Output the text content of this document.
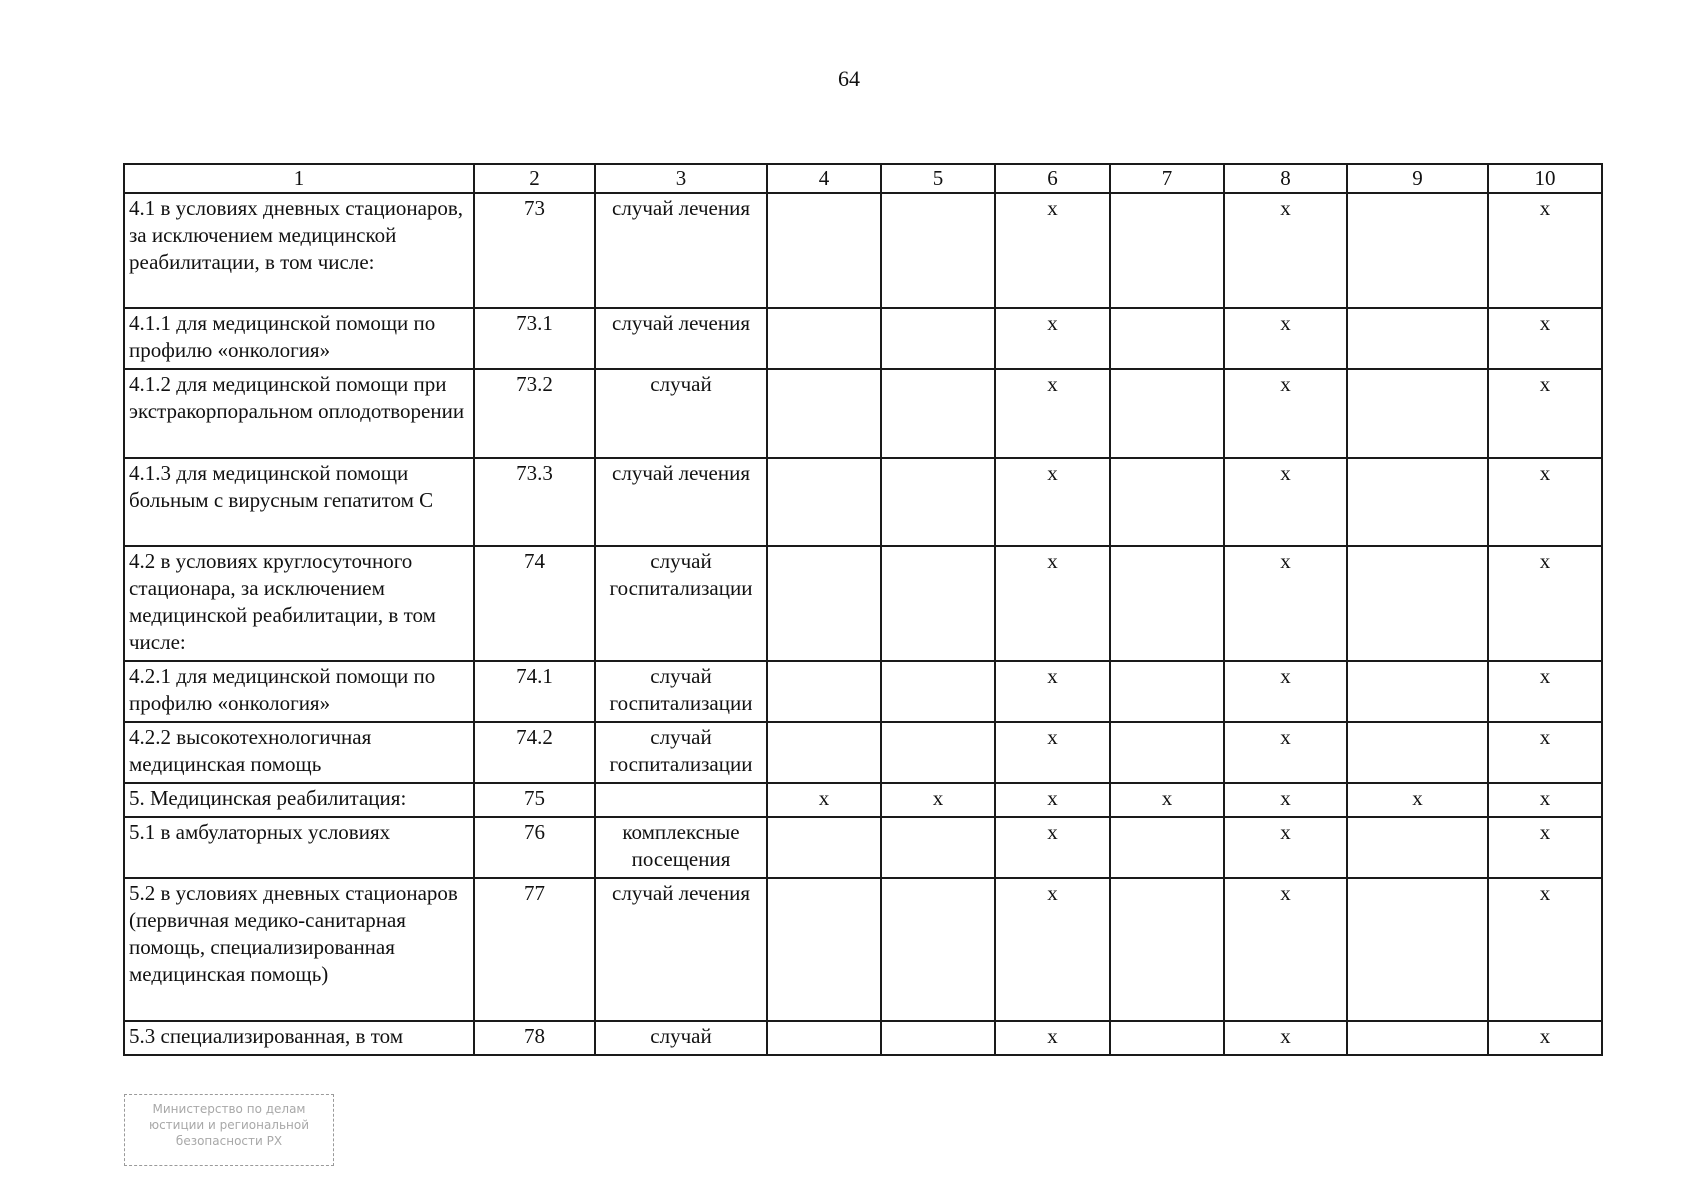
64
1	2	3	4	5	6	7	8	9	10
4.1 в условиях дневных стационаров, за исключением медицинской реабилитации, в том числе:	73	случай лечения			x		x		x
4.1.1 для медицинской помощи по профилю «онкология»	73.1	случай лечения			x		x		x
4.1.2 для медицинской помощи при экстракорпоральном оплодотворении	73.2	случай			x		x		x
4.1.3 для медицинской помощи больным с вирусным гепатитом С	73.3	случай лечения			x		x		x
4.2 в условиях круглосуточного стационара, за исключением медицинской реабилитации, в том числе:	74	случай госпитализации			x		x		x
4.2.1 для медицинской помощи по профилю «онкология»	74.1	случай госпитализации			x		x		x
4.2.2 высокотехнологичная медицинская помощь	74.2	случай госпитализации			x		x		x
5. Медицинская реабилитация:	75		x	x	x	x	x	x	x
5.1 в амбулаторных условиях	76	комплексные посещения			x		x		x
5.2 в условиях дневных стационаров (первичная медико-санитарная помощь, специализированная медицинская помощь)	77	случай лечения			x		x		x
5.3 специализированная, в том	78	случай			x		x		x
Министерство по делам
юстиции и региональной
безопасности РХ
